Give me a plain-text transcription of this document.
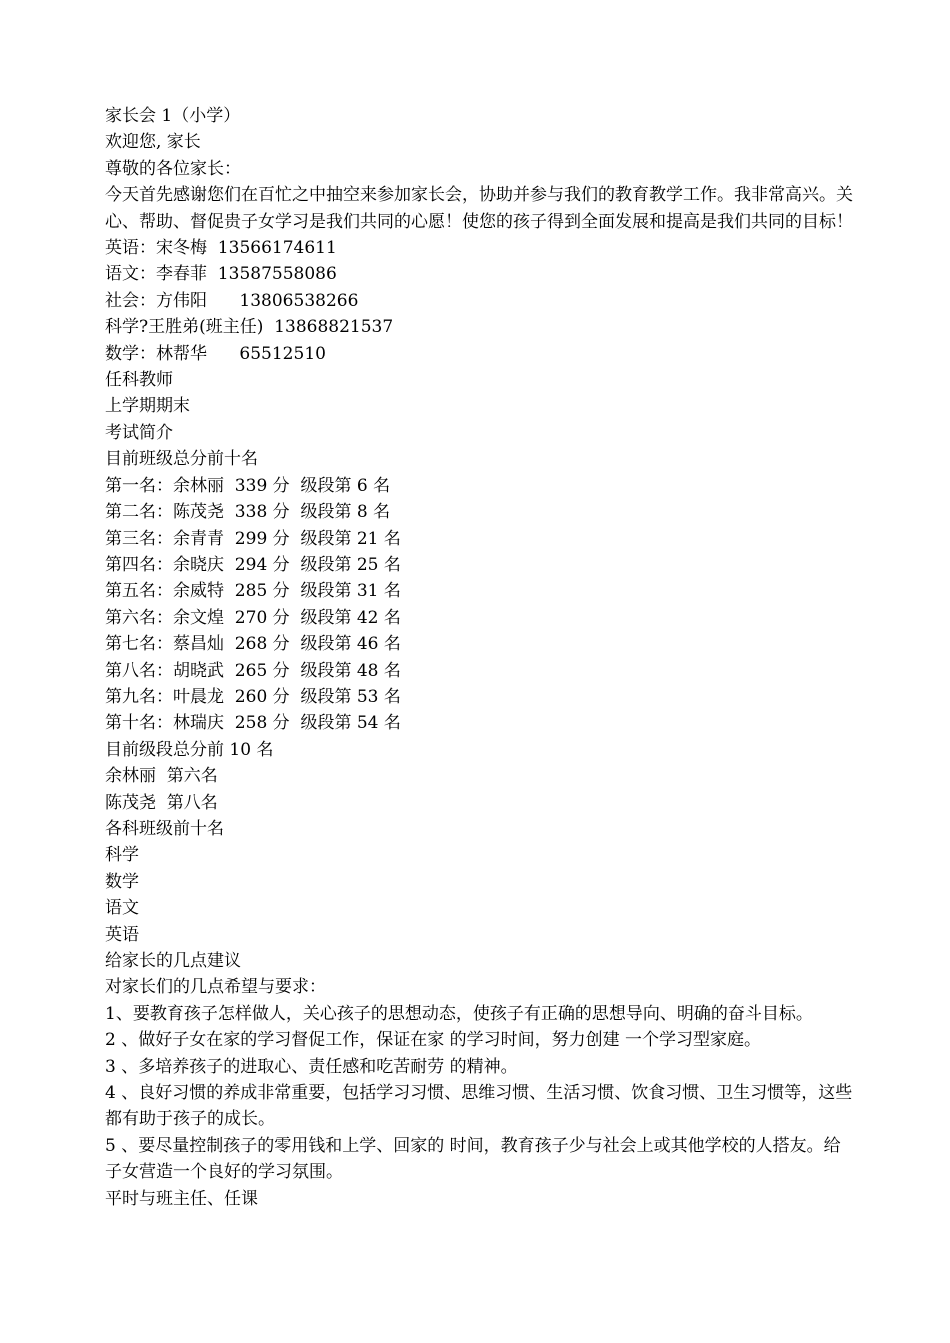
家长会 1（小学）
欢迎您, 家长
尊敬的各位家长：
今天首先感谢您们在百忙之中抽空来参加家长会，协助并参与我们的教育教学工作。我非常高兴。关心、帮助、督促贵子女学习是我们共同的心愿！使您的孩子得到全面发展和提高是我们共同的目标！
英语：宋冬梅  13566174611
语文：李春菲  13587558086
社会：方伟阳      13806538266
科学?王胜弟(班主任)  13868821537
数学：林帮华      65512510
任科教师
上学期期末
考试简介
目前班级总分前十名
第一名：余林丽  339 分  级段第 6 名
第二名：陈茂尧  338 分  级段第 8 名
第三名：余青青  299 分  级段第 21 名
第四名：余晓庆  294 分  级段第 25 名
第五名：余威特  285 分  级段第 31 名
第六名：余文煌  270 分  级段第 42 名
第七名：蔡昌灿  268 分  级段第 46 名
第八名：胡晓武  265 分  级段第 48 名
第九名：叶晨龙  260 分  级段第 53 名
第十名：林瑞庆  258 分  级段第 54 名
目前级段总分前 10 名
余林丽  第六名
陈茂尧  第八名
各科班级前十名
科学
数学
语文
英语
给家长的几点建议
对家长们的几点希望与要求：
1、要教育孩子怎样做人，关心孩子的思想动态，使孩子有正确的思想导向、明确的奋斗目标。
2 、做好子女在家的学习督促工作，保证在家 的学习时间，努力创建 一个学习型家庭。
3 、多培养孩子的进取心、责任感和吃苦耐劳 的精神。
4 、良好习惯的养成非常重要，包括学习习惯、思维习惯、生活习惯、饮食习惯、卫生习惯等，这些都有助于孩子的成长。
5 、要尽量控制孩子的零用钱和上学、回家的 时间，教育孩子少与社会上或其他学校的人搭友。给子女营造一个良好的学习氛围。
平时与班主任、任课
